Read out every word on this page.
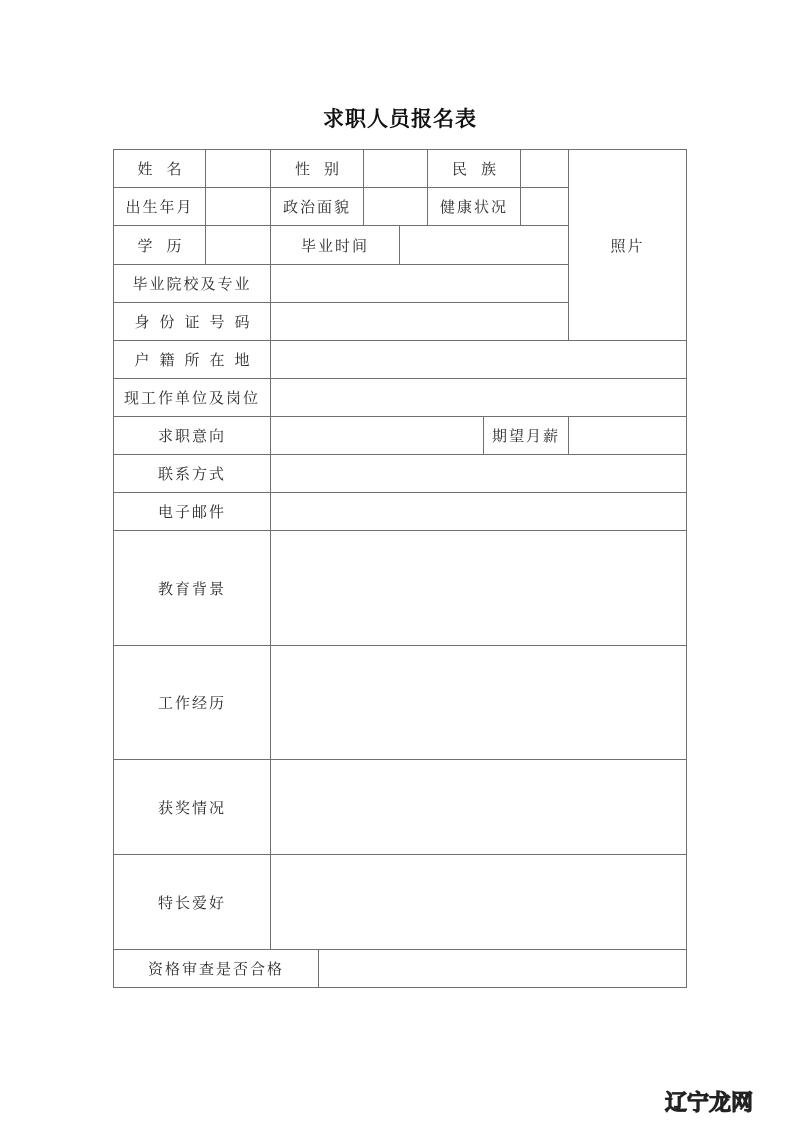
求职人员报名表
姓名	性别	民族
照片
出生年月	政治面貌	健康状况
学历	毕业时间
毕业院校及专业
身份证号码
户籍所在地
现工作单位及岗位
求职意向	期望月薪
联系方式
电子邮件
教育背景
工作经历
获奖情况
特长爱好
资格审查是否合格
辽宁龙网
